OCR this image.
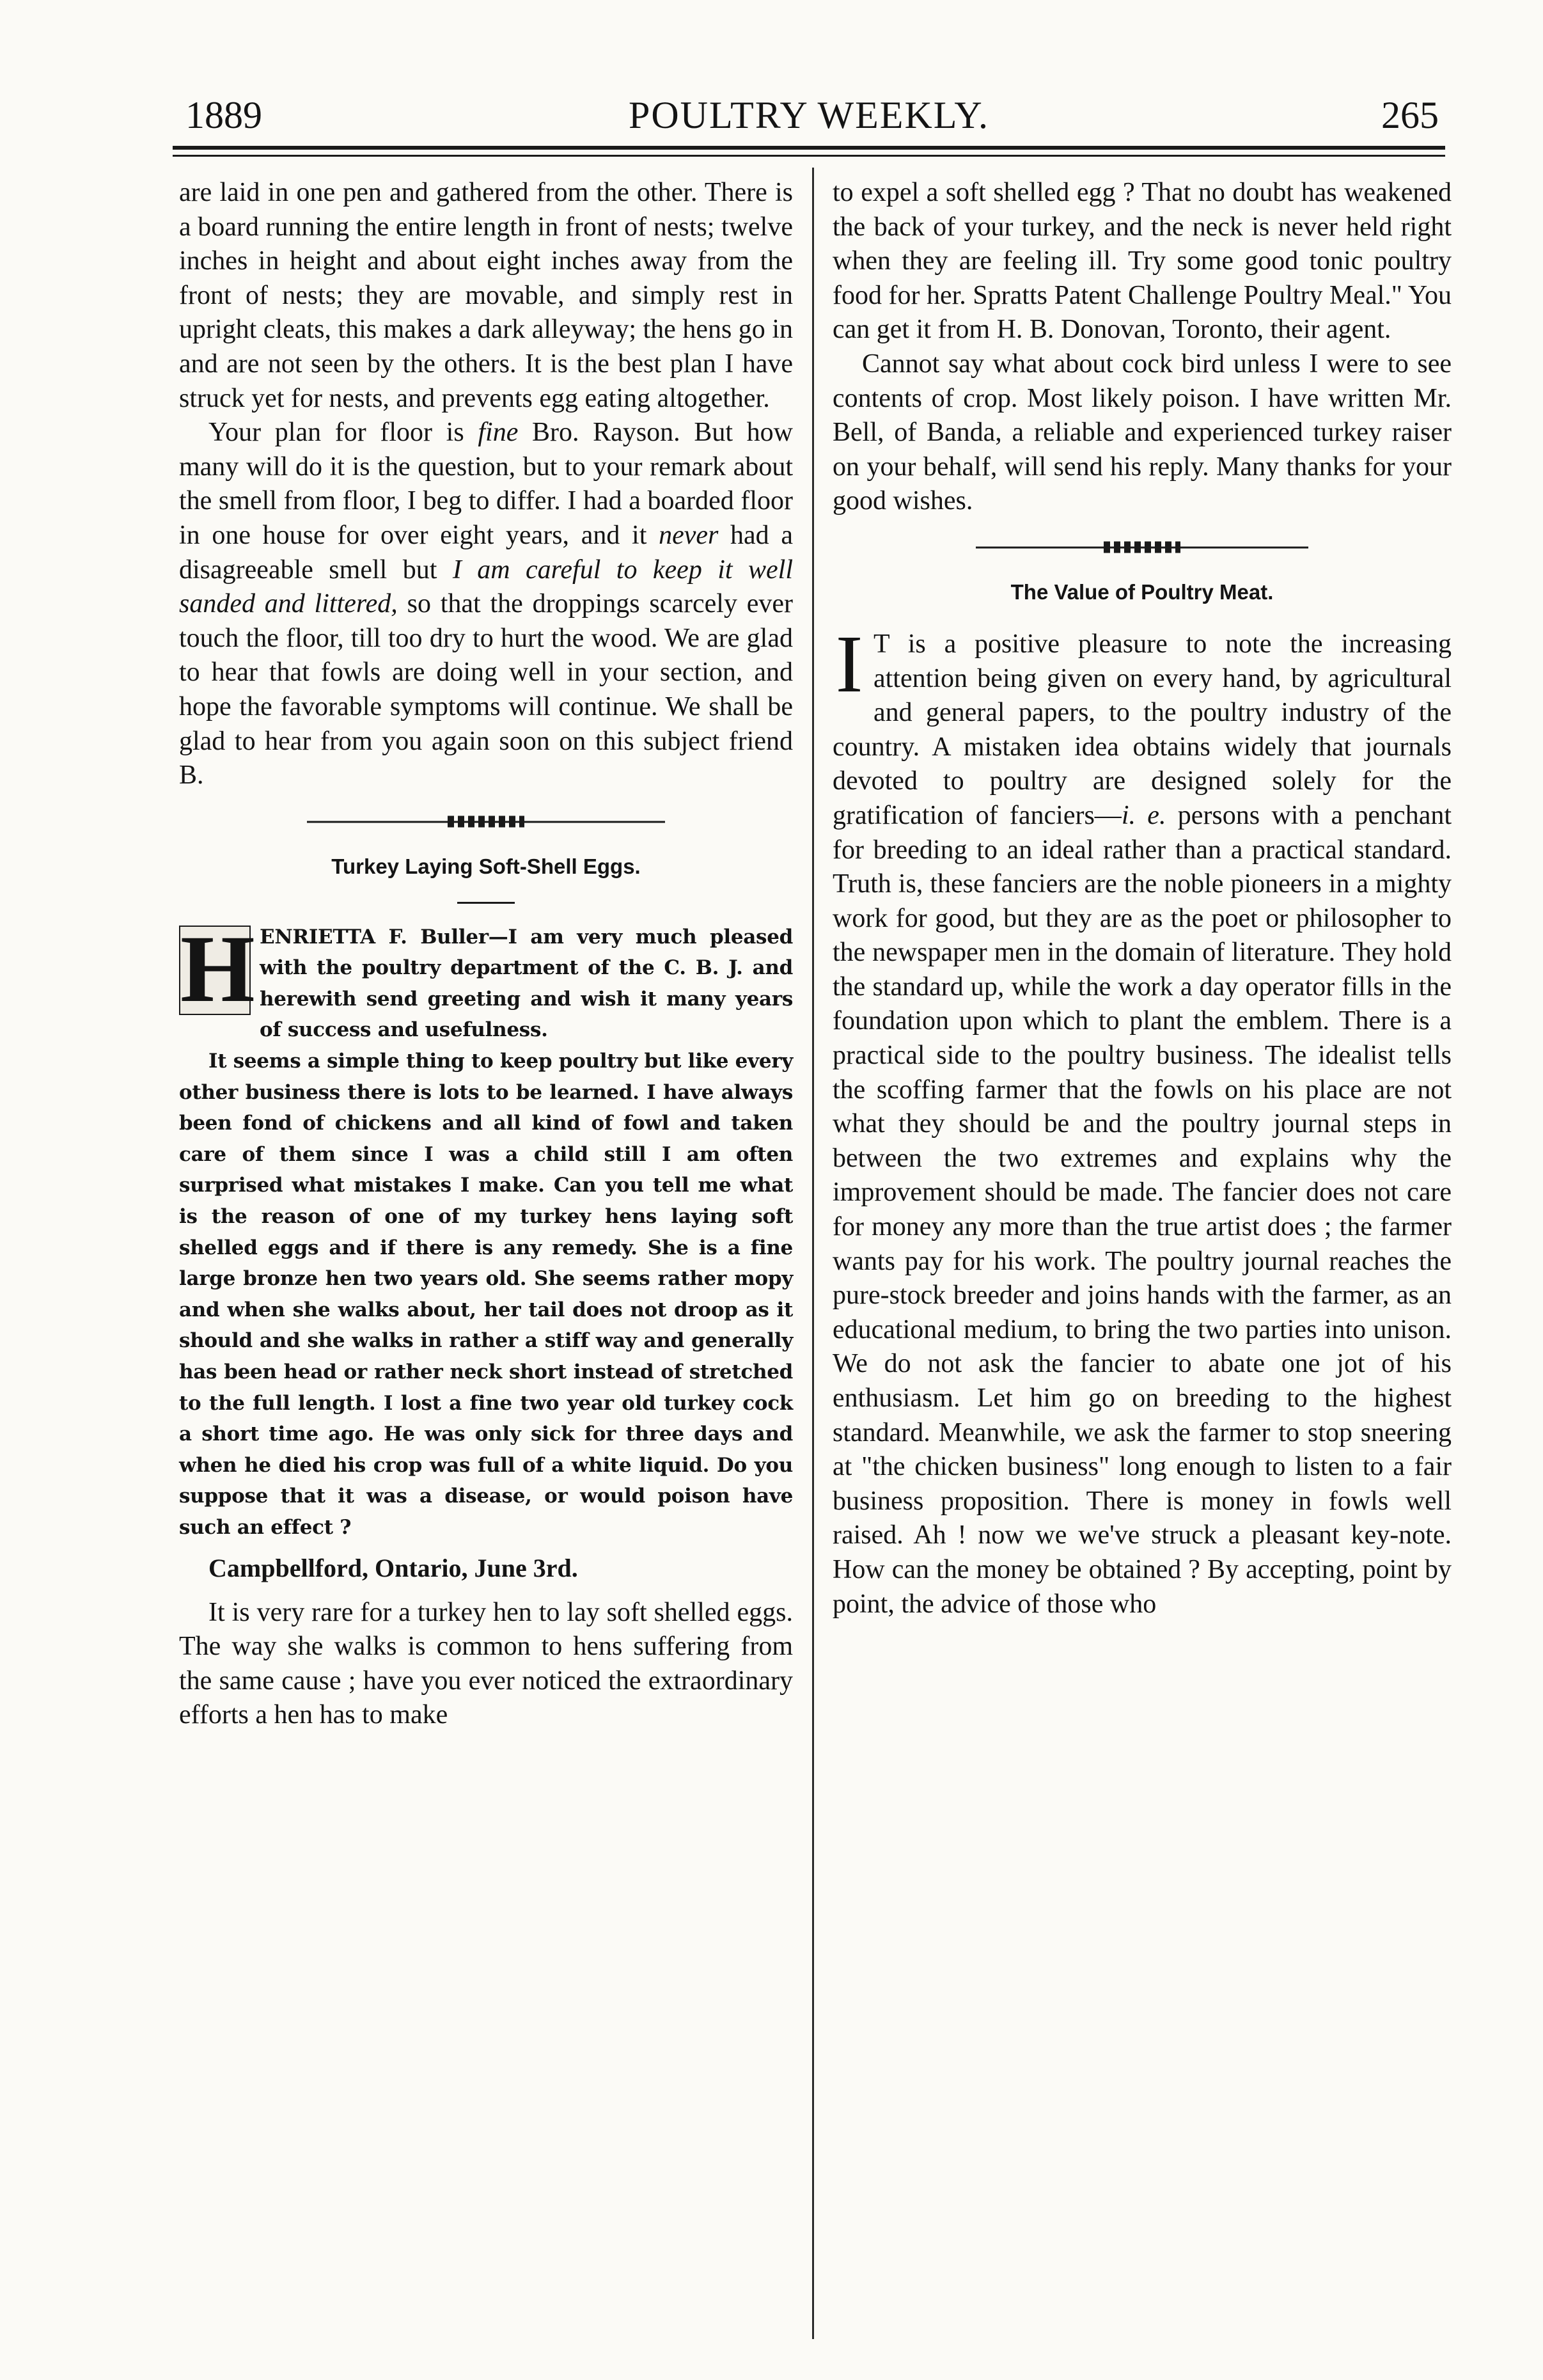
1889	POULTRY WEEKLY.	265

are laid in one pen and gathered from the other. There is a board running the entire length in front of nests; twelve inches in height and about eight inches away from the front of nests; they are movable, and simply rest in upright cleats, this makes a dark alleyway; the hens go in and are not seen by the others. It is the best plan I have struck yet for nests, and prevents egg eating altogether.

Your plan for floor is fine Bro. Rayson. But how many will do it is the question, but to your remark about the smell from floor, I beg to differ. I had a boarded floor in one house for over eight years, and it never had a disagreeable smell but I am careful to keep it well sanded and littered, so that the droppings scarcely ever touch the floor, till too dry to hurt the wood. We are glad to hear that fowls are doing well in your section, and hope the favorable symptoms will continue. We shall be glad to hear from you again soon on this subject friend B.

Turkey Laying Soft-Shell Eggs.
H ENRIETTA F. Buller—I am very much pleased with the poultry department of the C. B. J. and herewith send greeting and wish it many years of success and usefulness.

It seems a simple thing to keep poultry but like every other business there is lots to be learned. I have always been fond of chickens and all kind of fowl and taken care of them since I was a child still I am often surprised what mistakes I make. Can you tell me what is the reason of one of my turkey hens laying soft shelled eggs and if there is any remedy. She is a fine large bronze hen two years old. She seems rather mopy and when she walks about, her tail does not droop as it should and she walks in rather a stiff way and generally has been head or rather neck short instead of stretched to the full length. I lost a fine two year old turkey cock a short time ago. He was only sick for three days and when he died his crop was full of a white liquid. Do you suppose that it was a disease, or would poison have such an effect ?

Campbellford, Ontario, June 3rd.

It is very rare for a turkey hen to lay soft shelled eggs. The way she walks is common to hens suffering from the same cause ; have you ever noticed the extraordinary efforts a hen has to make

to expel a soft shelled egg ? That no doubt has weakened the back of your turkey, and the neck is never held right when they are feeling ill. Try some good tonic poultry food for her. Spratts Patent Challenge Poultry Meal." You can get it from H. B. Donovan, Toronto, their agent.

Cannot say what about cock bird unless I were to see contents of crop. Most likely poison. I have written Mr. Bell, of Banda, a reliable and experienced turkey raiser on your behalf, will send his reply. Many thanks for your good wishes.

The Value of Poultry Meat.
I T is a positive pleasure to note the increasing attention being given on every hand, by agricultural and general papers, to the poultry industry of the country. A mistaken idea obtains widely that journals devoted to poultry are designed solely for the gratification of fanciers—i. e. persons with a penchant for breeding to an ideal rather than a practical standard. Truth is, these fanciers are the noble pioneers in a mighty work for good, but they are as the poet or philosopher to the newspaper men in the domain of literature. They hold the standard up, while the work a day operator fills in the foundation upon which to plant the emblem. There is a practical side to the poultry business. The idealist tells the scoffing farmer that the fowls on his place are not what they should be and the poultry journal steps in between the two extremes and explains why the improvement should be made. The fancier does not care for money any more than the true artist does ; the farmer wants pay for his work. The poultry journal reaches the pure-stock breeder and joins hands with the farmer, as an educational medium, to bring the two parties into unison. We do not ask the fancier to abate one jot of his enthusiasm. Let him go on breeding to the highest standard. Meanwhile, we ask the farmer to stop sneering at "the chicken business" long enough to listen to a fair business proposition. There is money in fowls well raised. Ah ! now we we've struck a pleasant key-note. How can the money be obtained ? By accepting, point by point, the advice of those who
